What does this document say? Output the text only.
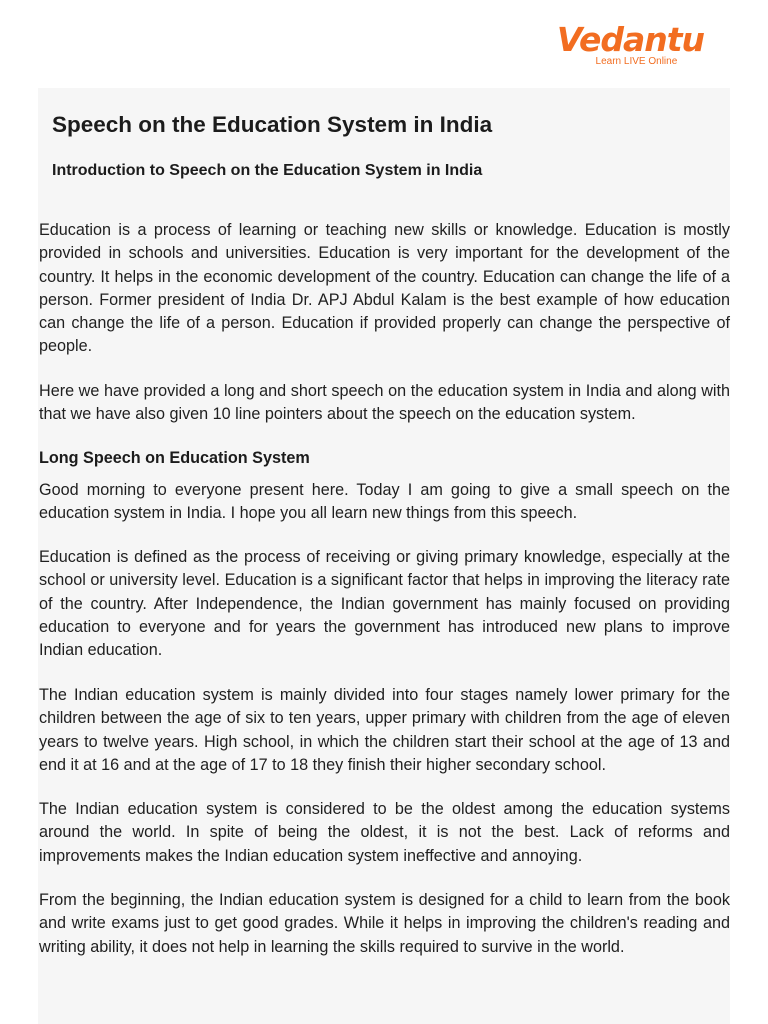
Vedantu
Learn LIVE Online
Speech on the Education System in India
Introduction to Speech on the Education System in India

Education is a process of learning or teaching new skills or knowledge. Education is mostly provided in schools and universities. Education is very important for the development of the country. It helps in the economic development of the country. Education can change the life of a person. Former president of India Dr. APJ Abdul Kalam is the best example of how education can change the life of a person. Education if provided properly can change the perspective of people.

Here we have provided a long and short speech on the education system in India and along with that we have also given 10 line pointers about the speech on the education system.

Long Speech on Education System

Good morning to everyone present here. Today I am going to give a small speech on the education system in India. I hope you all learn new things from this speech.

Education is defined as the process of receiving or giving primary knowledge, especially at the school or university level. Education is a significant factor that helps in improving the literacy rate of the country. After Independence, the Indian government has mainly focused on providing education to everyone and for years the government has introduced new plans to improve Indian education.

The Indian education system is mainly divided into four stages namely lower primary for the children between the age of six to ten years, upper primary with children from the age of eleven years to twelve years. High school, in which the children start their school at the age of 13 and end it at 16 and at the age of 17 to 18 they finish their higher secondary school.

The Indian education system is considered to be the oldest among the education systems around the world. In spite of being the oldest, it is not the best. Lack of reforms and improvements makes the Indian education system ineffective and annoying.

From the beginning, the Indian education system is designed for a child to learn from the book and write exams just to get good grades. While it helps in improving the children's reading and writing ability, it does not help in learning the skills required to survive in the world.
